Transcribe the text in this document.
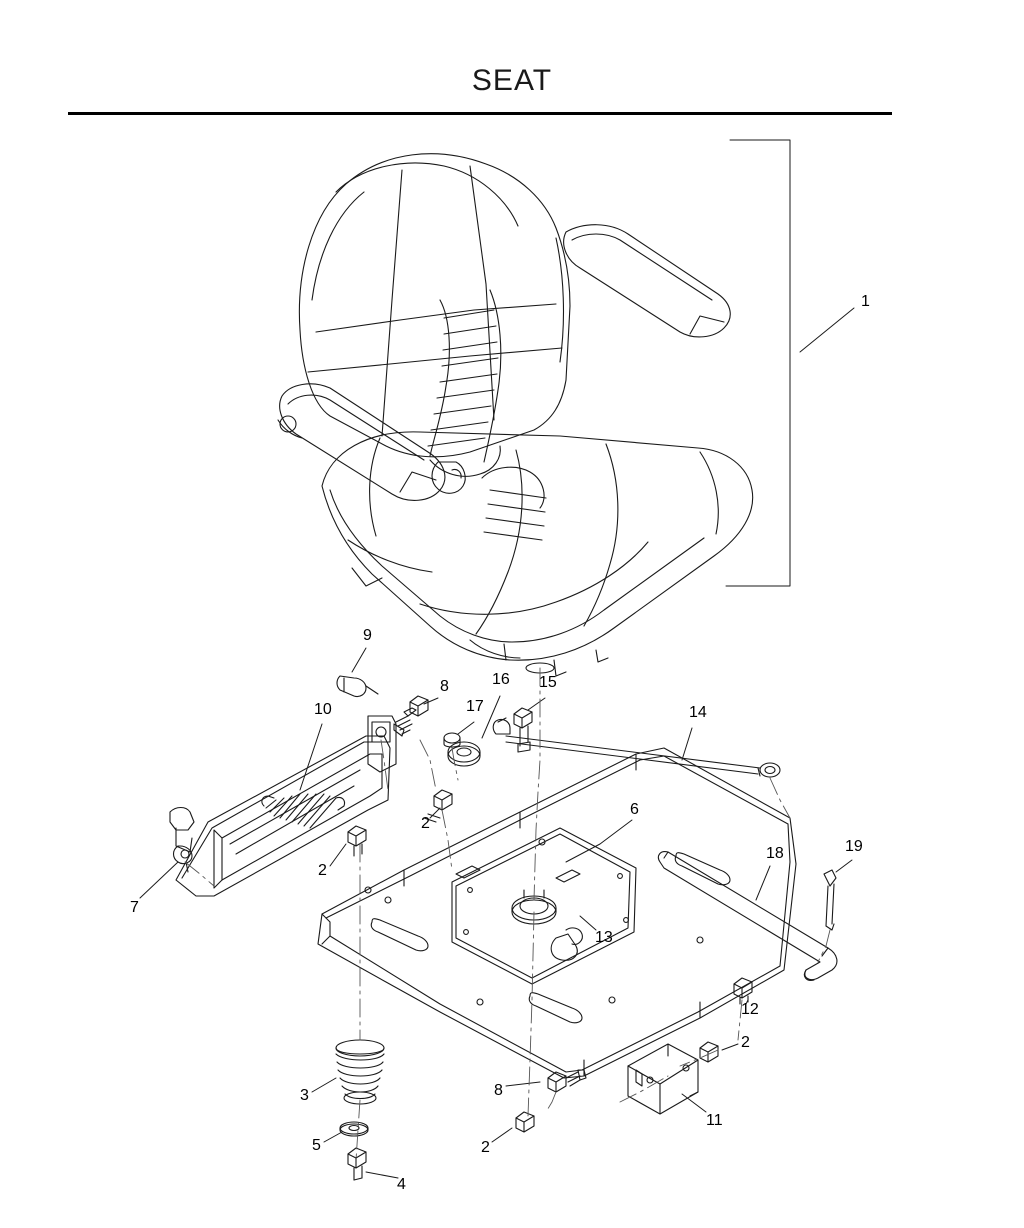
SEAT
1
9
8	16 15
17	14
10
6
2
2
18	19
7
13
12
2
3	8
11
5	2
4
